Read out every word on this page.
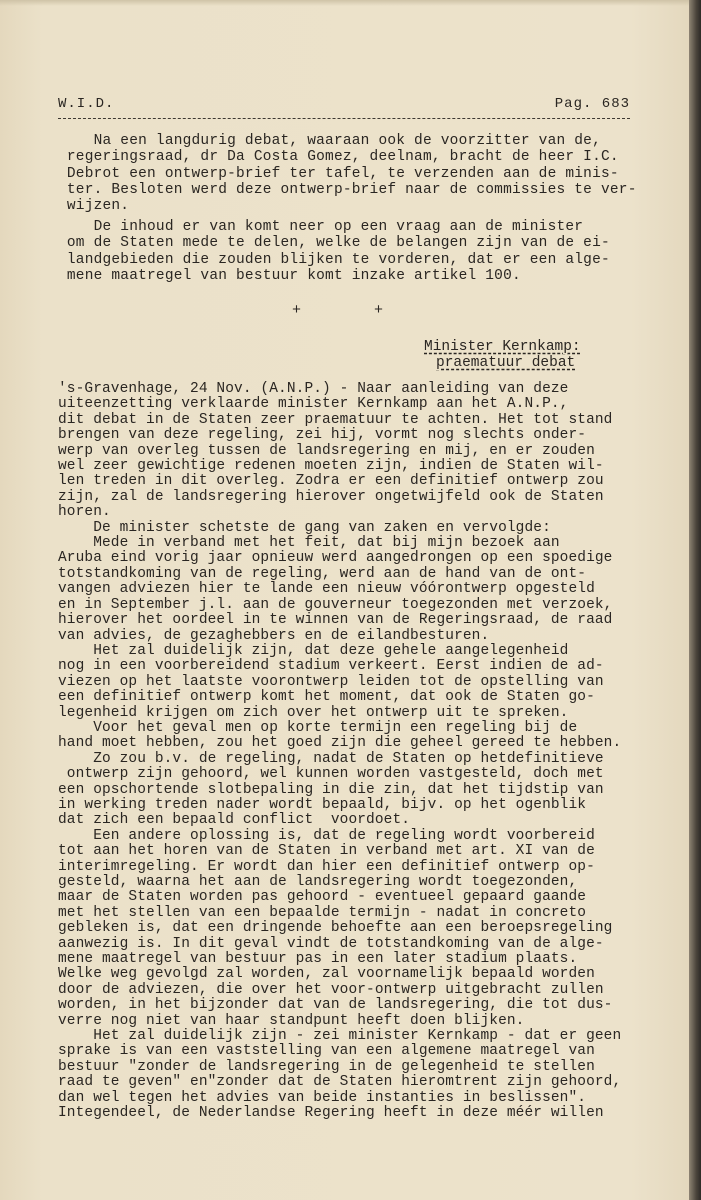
W.I.D.	Pag. 683
Na een langdurig debat, waaraan ook de voorzitter van de,
regeringsraad, dr Da Costa Gomez, deelnam, bracht de heer I.C.
Debrot een ontwerp-brief ter tafel, te verzenden aan de minis-
ter. Besloten werd deze ontwerp-brief naar de commissies te ver-
wijzen.
De inhoud er van komt neer op een vraag aan de minister
om de Staten mede te delen, welke de belangen zijn van de ei-
landgebieden die zouden blijken te vorderen, dat er een alge-
mene maatregel van bestuur komt inzake artikel 100.
+ +
Minister Kernkamp:
praematuur debat
's-Gravenhage, 24 Nov. (A.N.P.) - Naar aanleiding van deze
uiteenzetting verklaarde minister Kernkamp aan het A.N.P.,
dit debat in de Staten zeer praematuur te achten. Het tot stand
brengen van deze regeling, zei hij, vormt nog slechts onder-
werp van overleg tussen de landsregering en mij, en er zouden
wel zeer gewichtige redenen moeten zijn, indien de Staten wil-
len treden in dit overleg. Zodra er een definitief ontwerp zou
zijn, zal de landsregering hierover ongetwijfeld ook de Staten
horen.
De minister schetste de gang van zaken en vervolgde:
Mede in verband met het feit, dat bij mijn bezoek aan
Aruba eind vorig jaar opnieuw werd aangedrongen op een spoedige
totstandkoming van de regeling, werd aan de hand van de ont-
vangen adviezen hier te lande een nieuw vóórontwerp opgesteld
en in September j.l. aan de gouverneur toegezonden met verzoek,
hierover het oordeel in te winnen van de Regeringsraad, de raad
van advies, de gezaghebbers en de eilandbesturen.
Het zal duidelijk zijn, dat deze gehele aangelegenheid
nog in een voorbereidend stadium verkeert. Eerst indien de ad-
viezen op het laatste voorontwerp leiden tot de opstelling van
een definitief ontwerp komt het moment, dat ook de Staten go-
legenheid krijgen om zich over het ontwerp uit te spreken.
Voor het geval men op korte termijn een regeling bij de
hand moet hebben, zou het goed zijn die geheel gereed te hebben.
Zo zou b.v. de regeling, nadat de Staten op hetdefinitieve
ontwerp zijn gehoord, wel kunnen worden vastgesteld, doch met
een opschortende slotbepaling in die zin, dat het tijdstip van
in werking treden nader wordt bepaald, bijv. op het ogenblik
dat zich een bepaald conflict  voordoet.
Een andere oplossing is, dat de regeling wordt voorbereid
tot aan het horen van de Staten in verband met art. XI van de
interimregeling. Er wordt dan hier een definitief ontwerp op-
gesteld, waarna het aan de landsregering wordt toegezonden,
maar de Staten worden pas gehoord - eventueel gepaard gaande
met het stellen van een bepaalde termijn - nadat in concreto
gebleken is, dat een dringende behoefte aan een beroepsregeling
aanwezig is. In dit geval vindt de totstandkoming van de alge-
mene maatregel van bestuur pas in een later stadium plaats.
Welke weg gevolgd zal worden, zal voornamelijk bepaald worden
door de adviezen, die over het voor-ontwerp uitgebracht zullen
worden, in het bijzonder dat van de landsregering, die tot dus-
verre nog niet van haar standpunt heeft doen blijken.
Het zal duidelijk zijn - zei minister Kernkamp - dat er geen
sprake is van een vaststelling van een algemene maatregel van
bestuur "zonder de landsregering in de gelegenheid te stellen
raad te geven" en"zonder dat de Staten hieromtrent zijn gehoord,
dan wel tegen het advies van beide instanties in beslissen".
Integendeel, de Nederlandse Regering heeft in deze méér willen
